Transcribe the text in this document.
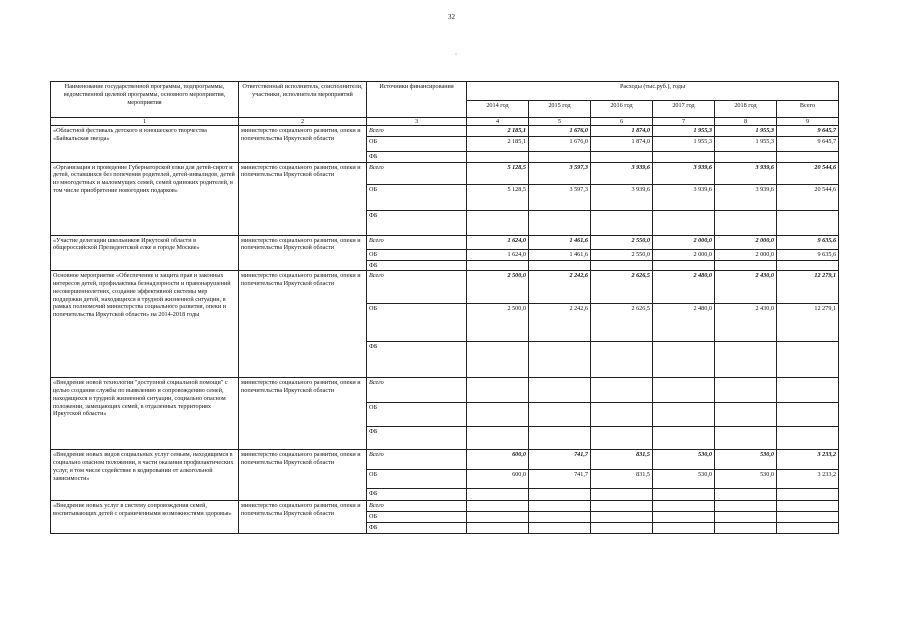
32
·
Наименование государственной программы, подпрограммы, ведомственной целевой программы, основного мероприятия, мероприятия	Ответственный исполнитель, соисполнители, участники, исполнители мероприятий	Источники финансирования	Расходы (тыс.руб.), годы					
			2014 год	2015 год	2016 год	2017 год	2018 год	Всего
1	2	3	4	5	6	7	8	9
«Областной фестиваль детского и юношеского творчества «Байкальская звезда»	министерство социального развития, опеки и попечительства Иркутской области	Всего	2 185,1	1 676,0	1 874,0	1 955,3	1 955,3	9 645,7
		ОБ	2 185,1	1 676,0	1 874,0	1 955,3	1 955,3	9 645,7
		ФБ						
«Организация и проведение Губернаторской елки для детей-сирот и детей, оставшихся без попечения родителей, детей-инвалидов, детей из многодетных и малоимущих семей, семей одиноких родителей, в том числе приобретение новогодних подарков»	министерство социального развития, опеки и попечительства Иркутской области	Всего	5 128,5	3 597,3	3 939,6	3 939,6	3 939,6	20 544,6
		ОБ	5 128,5	3 597,3	3 939,6	3 939,6	3 939,6	20 544,6
		ФБ						
«Участие делегации школьников Иркутской области в общероссийской Президентской елке в городе Москве»	министерство социального развития, опеки и попечительства Иркутской области	Всего	1 624,0	1 461,6	2 550,0	2 000,0	2 000,0	9 635,6
		ОБ	1 624,0	1 461,6	2 550,0	2 000,0	2 000,0	9 635,6
		ФБ						
Основное мероприятие «Обеспечение и защита прав и законных интересов детей, профилактика безнадзорности и правонарушений несовершеннолетних, создание эффективной системы мер поддержки детей, находящихся в трудной жизненной ситуации, в рамках полномочий министерства социального развития, опеки и попечительства Иркутской области» на 2014-2018 годы	министерство социального развития, опеки и попечительства Иркутской области	Всего	2 500,0	2 242,6	2 626,5	2 480,0	2 430,0	12 279,1
		ОБ	2 500,0	2 242,6	2 626,5	2 480,0	2 430,0	12 279,1
		ФБ						
«Внедрение новой технологии "доступной социальной помощи" с целью создания службы по выявлению и сопровождению семей, находящихся в трудной жизненной ситуации, социально опасном положении, замещающих семей, в отдаленных территориях Иркутской области»	министерство социального развития, опеки и попечительства Иркутской области	Всего						
		ОБ						
		ФБ						
«Внедрение новых видов социальных услуг семьям, находящимся в социально опасном положении, в части оказания профилактических услуг, в том числе содействие в кодировании от алкогольной зависимости»	министерство социального развития, опеки и попечительства Иркутской области	Всего	600,0	741,7	831,5	530,0	530,0	3 233,2
		ОБ	600,0	741,7	831,5	530,0	530,0	3 233,2
		ФБ						
«Внедрение новых услуг в систему сопровождения семей, воспитывающих детей с ограниченными возможностями здоровья»	министерство социального развития, опеки и попечительства Иркутской области	Всего						
		ОБ						
		ФБ						
